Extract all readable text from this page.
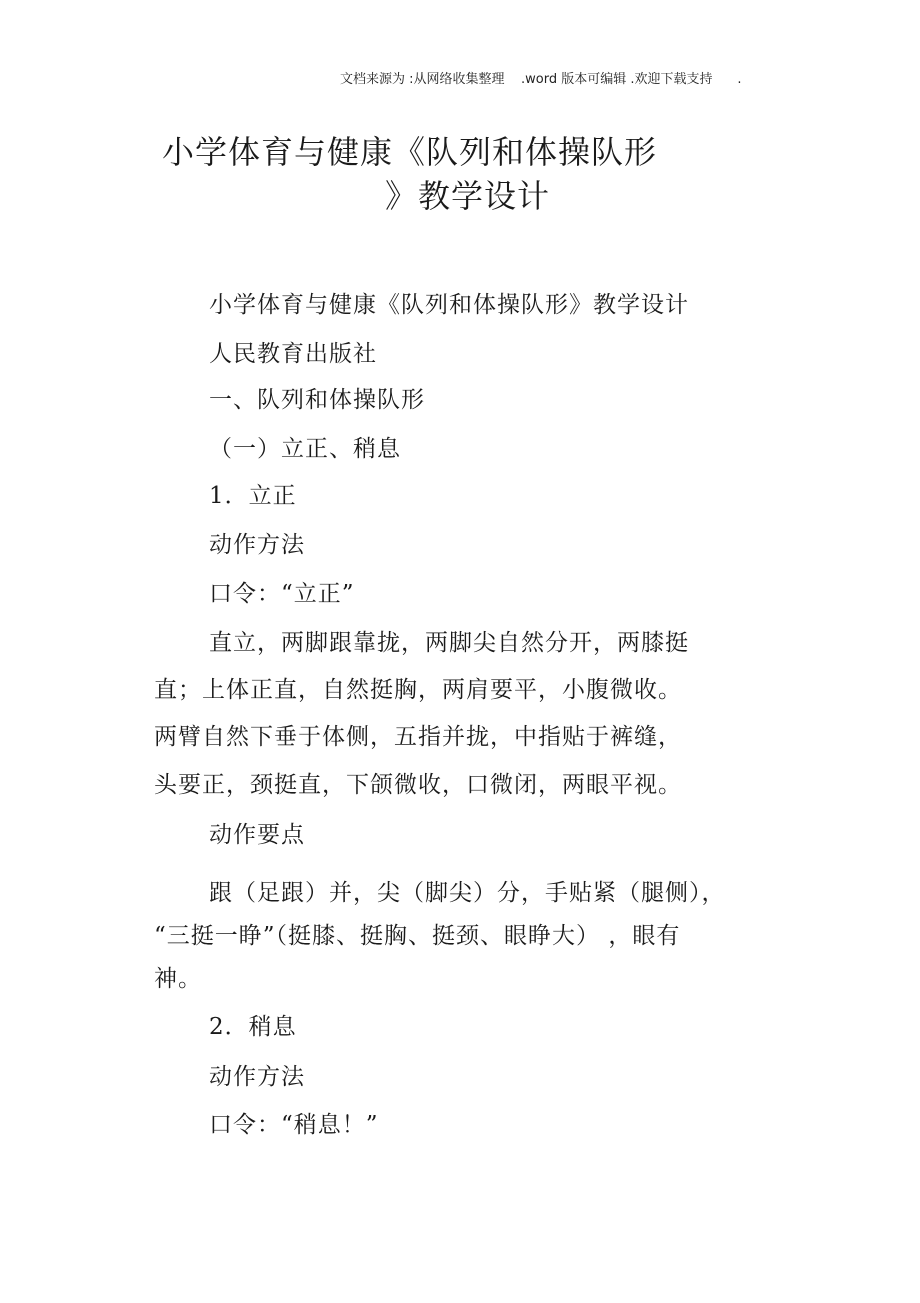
文档来源为 :从网络收集整理    .word 版本可编辑 .欢迎下载支持      .
小学体育与健康《队列和体操队形
》教学设计
小学体育与健康《队列和体操队形》教学设计
人民教育出版社
一、队列和体操队形
（一）立正、稍息
1．立正
动作方法
口令：“立正”
直立，两脚跟靠拢，两脚尖自然分开，两膝挺
直；上体正直，自然挺胸，两肩要平，小腹微收。
两臂自然下垂于体侧，五指并拢，中指贴于裤缝，
头要正，颈挺直，下颌微收，口微闭，两眼平视。
动作要点
跟（足跟）并，尖（脚尖）分，手贴紧（腿侧），
“三挺一睁”（挺膝、挺胸、挺颈、眼睁大） ，眼有
神。
2．稍息
动作方法
口令：“稍息！”
